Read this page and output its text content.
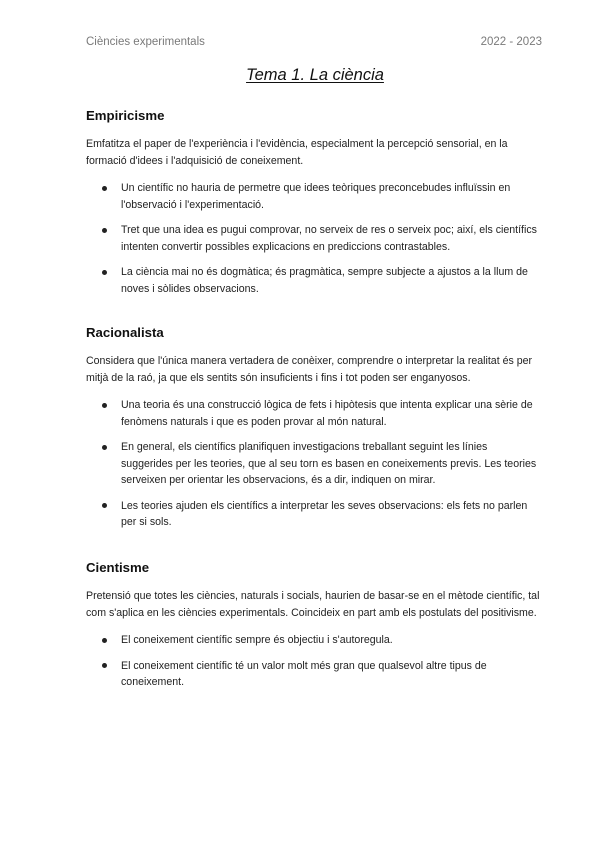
Ciències experimentals	2022 - 2023
Tema 1. La ciència
Empiricisme

Emfatitza el paper de l'experiència i l'evidència, especialment la percepció sensorial, en la formació d'idees i l'adquisició de coneixement.

Un científic no hauria de permetre que idees teòriques preconcebudes influïssin en l'observació i l'experimentació.
Tret que una idea es pugui comprovar, no serveix de res o serveix poc; així, els científics intenten convertir possibles explicacions en prediccions contrastables.
La ciència mai no és dogmàtica; és pragmàtica, sempre subjecte a ajustos a la llum de noves i sòlides observacions.
Racionalista

Considera que l'única manera vertadera de conèixer, comprendre o interpretar la realitat és per mitjà de la raó, ja que els sentits són insuficients i fins i tot poden ser enganyosos.

Una teoria és una construcció lògica de fets i hipòtesis que intenta explicar una sèrie de fenòmens naturals i que es poden provar al món natural.
En general, els científics planifiquen investigacions treballant seguint les línies suggerides per les teories, que al seu torn es basen en coneixements previs. Les teories serveixen per orientar les observacions, és a dir, indiquen on mirar.
Les teories ajuden els científics a interpretar les seves observacions: els fets no parlen per si sols.
Cientisme

Pretensió que totes les ciències, naturals i socials, haurien de basar-se en el mètode científic, tal com s'aplica en les ciències experimentals. Coincideix en part amb els postulats del positivisme.

El coneixement científic sempre és objectiu i s'autoregula.
El coneixement científic té un valor molt més gran que qualsevol altre tipus de coneixement.
